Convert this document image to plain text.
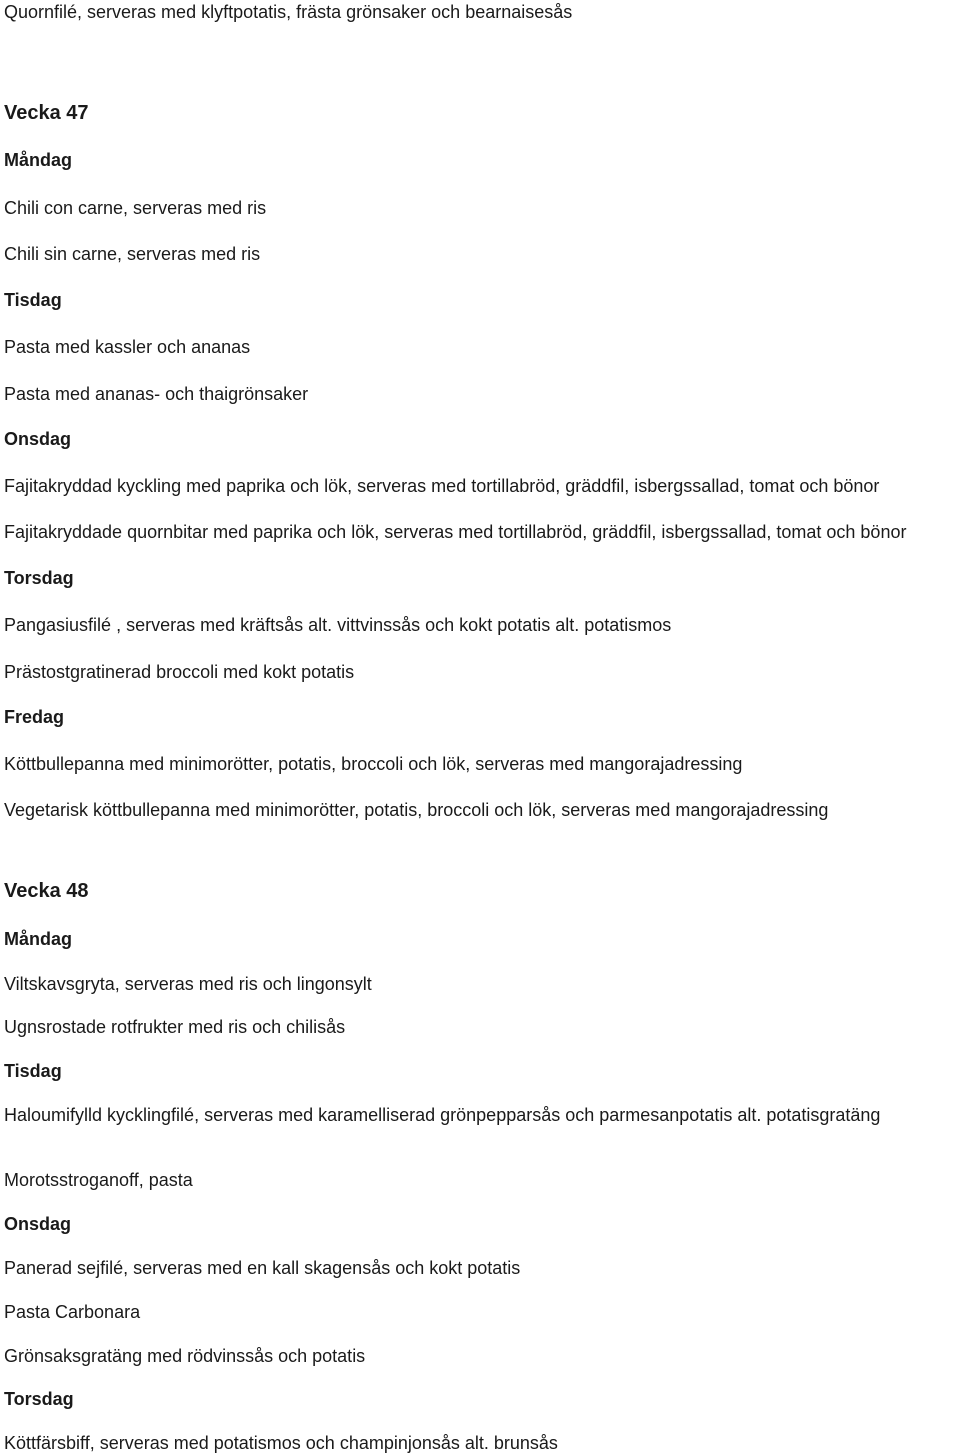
Quornfilé, serveras med klyftpotatis, frästa grönsaker och bearnaisesås
Vecka 47
Måndag
Chili con carne, serveras med ris
Chili sin carne, serveras med ris
Tisdag
Pasta med kassler och ananas
Pasta med ananas- och thaigrönsaker
Onsdag
Fajitakryddad kyckling med paprika och lök, serveras med tortillabröd, gräddfil, isbergssallad, tomat och bönor
Fajitakryddade quornbitar med paprika och lök, serveras med tortillabröd, gräddfil, isbergssallad, tomat och bönor
Torsdag
Pangasiusfilé , serveras med kräftsås alt. vittvinssås och kokt potatis alt. potatismos
Prästostgratinerad broccoli med kokt potatis
Fredag
Köttbullepanna med minimorötter, potatis, broccoli och lök, serveras med mangorajadressing
Vegetarisk köttbullepanna med minimorötter, potatis, broccoli och lök, serveras med mangorajadressing
Vecka 48
Måndag
Viltskavsgryta, serveras med ris och lingonsylt
Ugnsrostade rotfrukter med ris och chilisås
Tisdag
Haloumifylld kycklingfilé, serveras med karamelliserad grönpepparsås och parmesanpotatis alt. potatisgratäng
Morotsstroganoff, pasta
Onsdag
Panerad sejfilé, serveras med en kall skagensås och kokt potatis
Pasta Carbonara
Grönsaksgratäng med rödvinssås och potatis
Torsdag
Köttfärsbiff, serveras med potatismos och champinjonsås alt. brunsås
